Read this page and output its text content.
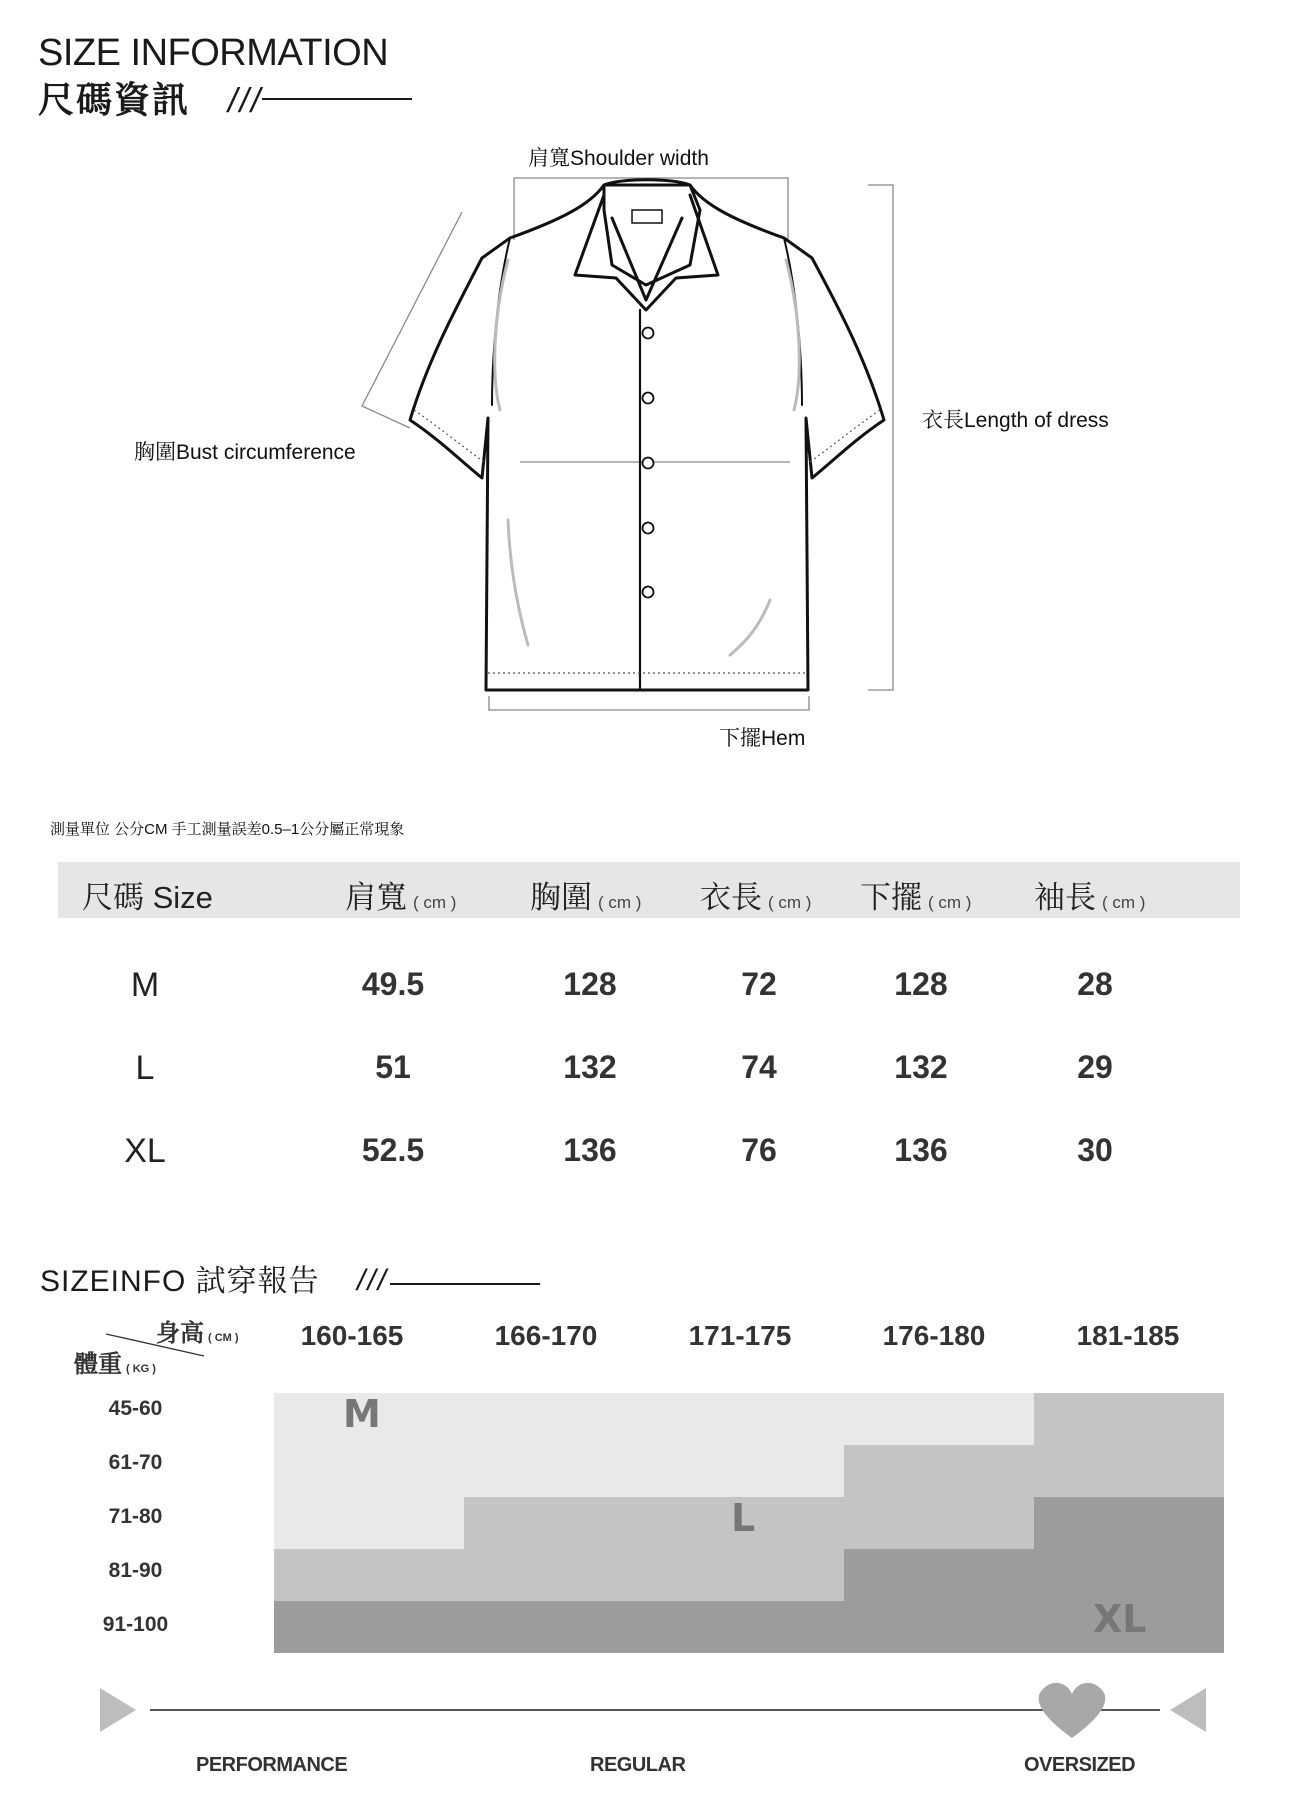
SIZE INFORMATION
尺碼資訊 ///
肩寬Shoulder width
胸圍Bust circumference
衣長Length of dress
下擺Hem
測量單位 公分CM 手工測量誤差0.5–1公分屬正常現象
尺碼 Size	肩寬 ( cm ) 胸圍 ( cm ) 衣長 ( cm ) 下擺 ( cm ) 袖長 ( cm )
M	49.5	128	72	128	28
L	51	132	74	132	29
XL	52.5	136	76	136	30
SIZEINFO 試穿報告 ///
身高 ( CM )
體重 ( KG )
160-165	166-170	171-175	176-180	181-185
45-60
61-70
71-80
81-90
91-100
M
L
XL
PERFORMANCE	REGULAR	OVERSIZED
